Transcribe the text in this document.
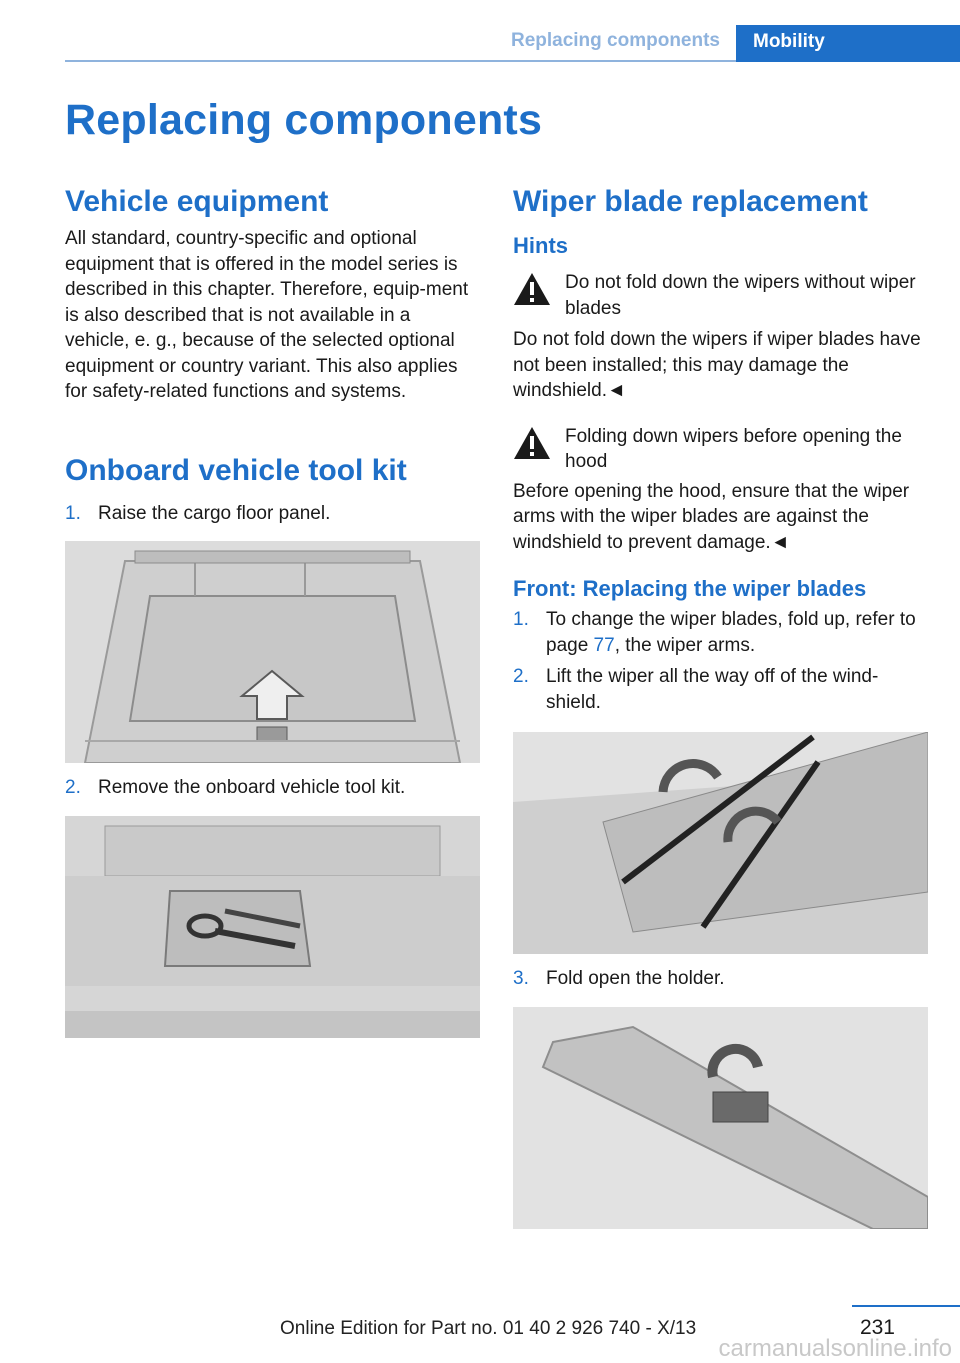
Replacing components	Mobility
Replacing components
Vehicle equipment

All standard, country-specific and optional equipment that is offered in the model series is described in this chapter. Therefore, equip-ment is also described that is not available in a vehicle, e. g., because of the selected optional equipment or country variant. This also applies for safety-related functions and systems.

Onboard vehicle tool kit
1. Raise the cargo floor panel.
2. Remove the onboard vehicle tool kit.
Wiper blade replacement
Hints

Do not fold down the wipers without wiper blades

Do not fold down the wipers if wiper blades have not been installed; this may damage the windshield.◄

Folding down wipers before opening the hood

Before opening the hood, ensure that the wiper arms with the wiper blades are against the windshield to prevent damage.◄

Front: Replacing the wiper blades
1. To change the wiper blades, fold up, refer to page 77, the wiper arms.
2. Lift the wiper all the way off of the wind-shield.
3. Fold open the holder.
231
Online Edition for Part no. 01 40 2 926 740 - X/13
carmanualsonline.info
